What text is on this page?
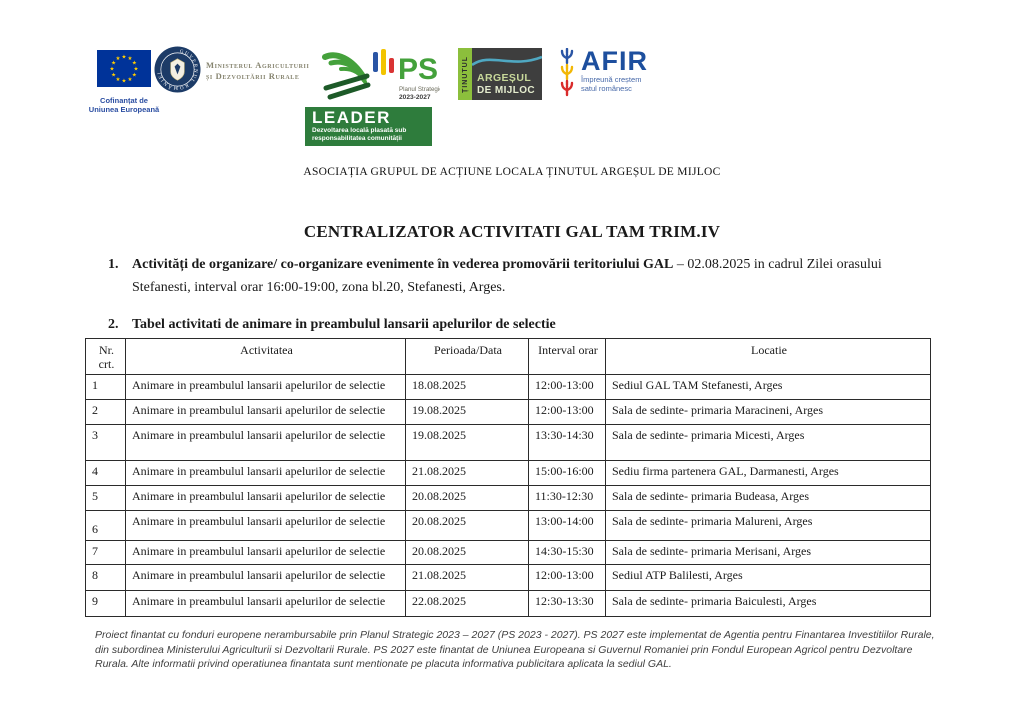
★ ★
★
★
★
★
★
★
★
★
★
★
Cofinanțat de
Uniunea Europeană
GUVERNUL ROMÂNIEI
Ministerul Agriculturii
și Dezvoltării Rurale	PS
Planul Strategic
2023-2027
ȚINUTUL ARGEȘUL
DE MIJLOC
AFIR
Împreună creștem
satul românesc
LEADER
Dezvoltarea locală plasată sub
responsabilitatea comunității
ASOCIAȚIA GRUPUL DE ACȚIUNE LOCALA ȚINUTUL ARGEȘUL DE MIJLOC
CENTRALIZATOR ACTIVITATI GAL TAM TRIM.IV
1. Activități de organizare/ co-organizare evenimente în vederea promovării teritoriului GAL – 02.08.2025 in cadrul Zilei orasului Stefanesti, interval orar 16:00-19:00, zona bl.20, Stefanesti, Arges.
2. Tabel activitati de animare in preambulul lansarii apelurilor de selectie
Nr.
crt.	Activitatea	Perioada/Data	Interval orar	Locatie
1	Animare in preambulul lansarii apelurilor de selectie	18.08.2025	12:00-13:00	Sediul GAL TAM Stefanesti, Arges
2	Animare in preambulul lansarii apelurilor de selectie	19.08.2025	12:00-13:00	Sala de sedinte- primaria Maracineni, Arges
3	Animare in preambulul lansarii apelurilor de selectie	19.08.2025	13:30-14:30	Sala de sedinte- primaria Micesti, Arges
4	Animare in preambulul lansarii apelurilor de selectie	21.08.2025	15:00-16:00	Sediu firma partenera GAL, Darmanesti, Arges
5	Animare in preambulul lansarii apelurilor de selectie	20.08.2025	11:30-12:30	Sala de sedinte- primaria Budeasa, Arges
6	Animare in preambulul lansarii apelurilor de selectie	20.08.2025	13:00-14:00	Sala de sedinte- primaria Malureni, Arges
7	Animare in preambulul lansarii apelurilor de selectie	20.08.2025	14:30-15:30	Sala de sedinte- primaria Merisani, Arges
8	Animare in preambulul lansarii apelurilor de selectie	21.08.2025	12:00-13:00	Sediul ATP Balilesti, Arges
9	Animare in preambulul lansarii apelurilor de selectie	22.08.2025	12:30-13:30	Sala de sedinte- primaria Baiculesti, Arges
Proiect finantat cu fonduri europene nerambursabile prin Planul Strategic 2023 – 2027 (PS 2023 - 2027). PS 2027 este implementat de Agentia pentru Finantarea Investitiilor Rurale, din subordinea Ministerului Agriculturii si Dezvoltarii Rurale. PS 2027 este finantat de Uniunea Europeana si Guvernul Romaniei prin Fondul European Agricol pentru Dezvoltare Rurala. Alte informatii privind operatiunea finantata sunt mentionate pe placuta informativa publicitara aplicata la sediul GAL.
